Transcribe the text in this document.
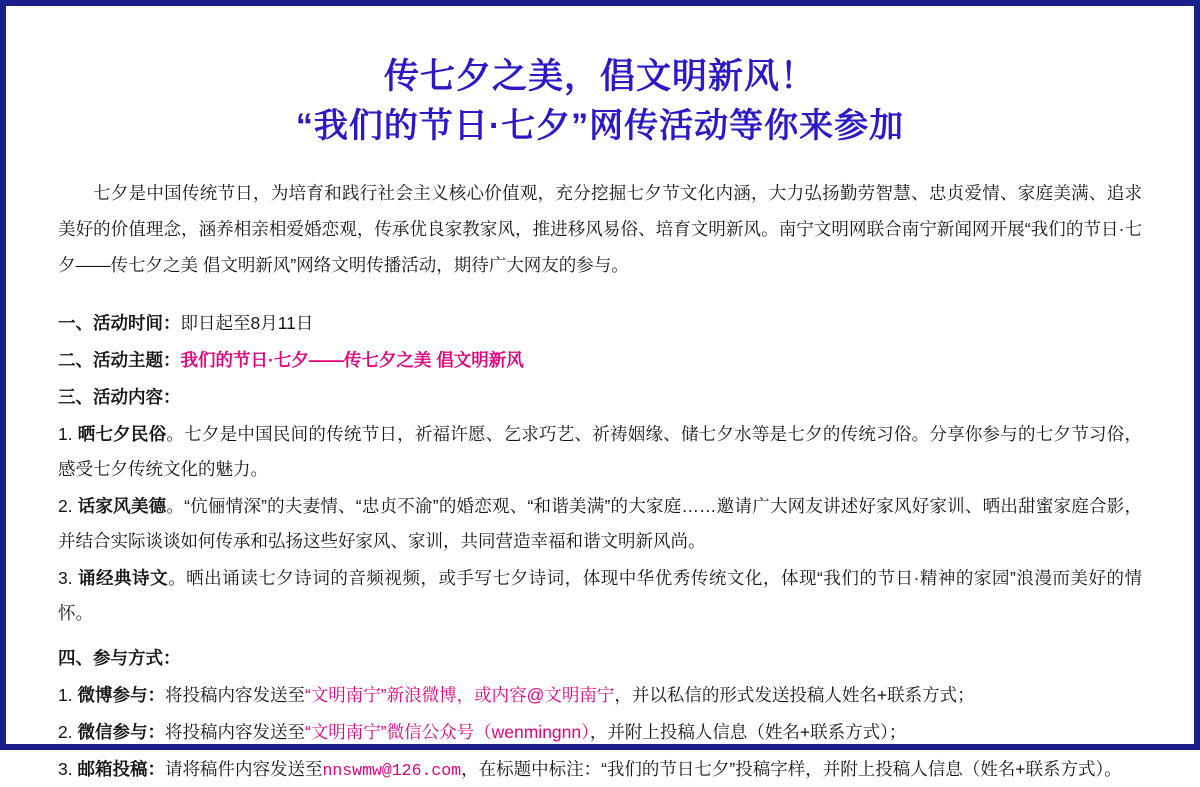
传七夕之美，倡文明新风！
“我们的节日·七夕”网传活动等你来参加
七夕是中国传统节日，为培育和践行社会主义核心价值观，充分挖掘七夕节文化内涵，大力弘扬勤劳智慧、忠贞爱情、家庭美满、追求美好的价值理念，涵养相亲相爱婚恋观，传承优良家教家风，推进移风易俗、培育文明新风。南宁文明网联合南宁新闻网开展“我们的节日·七夕——传七夕之美 倡文明新风”网络文明传播活动，期待广大网友的参与。
一、活动时间：即日起至8月11日
二、活动主题：我们的节日·七夕——传七夕之美 倡文明新风
三、活动内容：
1. 晒七夕民俗。七夕是中国民间的传统节日，祈福许愿、乞求巧艺、祈祷姻缘、储七夕水等是七夕的传统习俗。分享你参与的七夕节习俗，感受七夕传统文化的魅力。
2. 话家风美德。“伉俪情深”的夫妻情、“忠贞不渝”的婚恋观、“和谐美满”的大家庭……邀请广大网友讲述好家风好家训、晒出甜蜜家庭合影，并结合实际谈谈如何传承和弘扬这些好家风、家训，共同营造幸福和谐文明新风尚。
3. 诵经典诗文。晒出诵读七夕诗词的音频视频，或手写七夕诗词，体现中华优秀传统文化，体现“我们的节日·精神的家园”浪漫而美好的情怀。
四、参与方式：
1. 微博参与：将投稿内容发送至“文明南宁”新浪微博，或内容@文明南宁，并以私信的形式发送投稿人姓名+联系方式；
2. 微信参与：将投稿内容发送至“文明南宁”微信公众号（wenmingnn），并附上投稿人信息（姓名+联系方式）；
3. 邮箱投稿：请将稿件内容发送至nnswmw@126.com，在标题中标注：“我们的节日七夕”投稿字样，并附上投稿人信息（姓名+联系方式）。
